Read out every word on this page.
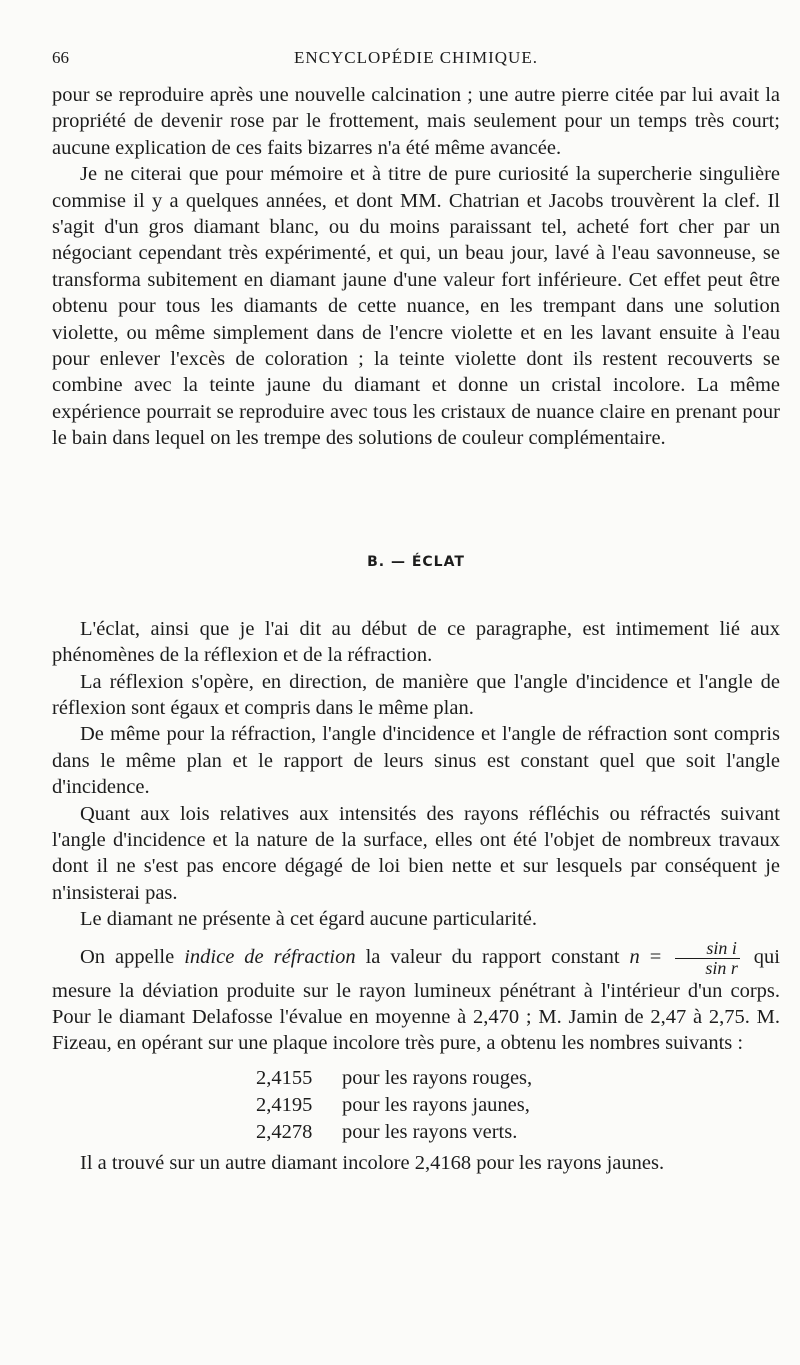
66	ENCYCLOPÉDIE CHIMIQUE.

pour se reproduire après une nouvelle calcination ; une autre pierre citée par lui avait la propriété de devenir rose par le frottement, mais seulement pour un temps très court; aucune explication de ces faits bizarres n'a été même avancée.

Je ne citerai que pour mémoire et à titre de pure curiosité la supercherie singulière commise il y a quelques années, et dont MM. Chatrian et Jacobs trouvèrent la clef. Il s'agit d'un gros diamant blanc, ou du moins paraissant tel, acheté fort cher par un négociant cependant très expérimenté, et qui, un beau jour, lavé à l'eau savonneuse, se transforma subitement en diamant jaune d'une valeur fort inférieure. Cet effet peut être obtenu pour tous les diamants de cette nuance, en les trempant dans une solution violette, ou même simplement dans de l'encre violette et en les lavant ensuite à l'eau pour enlever l'excès de coloration ; la teinte violette dont ils restent recouverts se combine avec la teinte jaune du diamant et donne un cristal incolore. La même expérience pourrait se reproduire avec tous les cristaux de nuance claire en prenant pour le bain dans lequel on les trempe des solutions de couleur complémentaire.

B. — ÉCLAT

L'éclat, ainsi que je l'ai dit au début de ce paragraphe, est intimement lié aux phénomènes de la réflexion et de la réfraction.

La réflexion s'opère, en direction, de manière que l'angle d'incidence et l'angle de réflexion sont égaux et compris dans le même plan.

De même pour la réfraction, l'angle d'incidence et l'angle de réfraction sont compris dans le même plan et le rapport de leurs sinus est constant quel que soit l'angle d'incidence.

Quant aux lois relatives aux intensités des rayons réfléchis ou réfractés suivant l'angle d'incidence et la nature de la surface, elles ont été l'objet de nombreux travaux dont il ne s'est pas encore dégagé de loi bien nette et sur lesquels par conséquent je n'insisterai pas.

Le diamant ne présente à cet égard aucune particularité.

On appelle indice de réfraction la valeur du rapport constant $n = \frac{\text{sin i}}{\text{sin r}}$ qui mesure la déviation produite sur le rayon lumineux pénétrant à l'intérieur d'un corps. Pour le diamant Delafosse l'évalue en moyenne à 2,470 ; M. Jamin de 2,47 à 2,75. M. Fizeau, en opérant sur une plaque incolore très pure, a obtenu les nombres suivants :

2,4155	pour les rayons rouges,
2,4195	pour les rayons jaunes,
2,4278	pour les rayons verts.

Il a trouvé sur un autre diamant incolore 2,4168 pour les rayons jaunes.
